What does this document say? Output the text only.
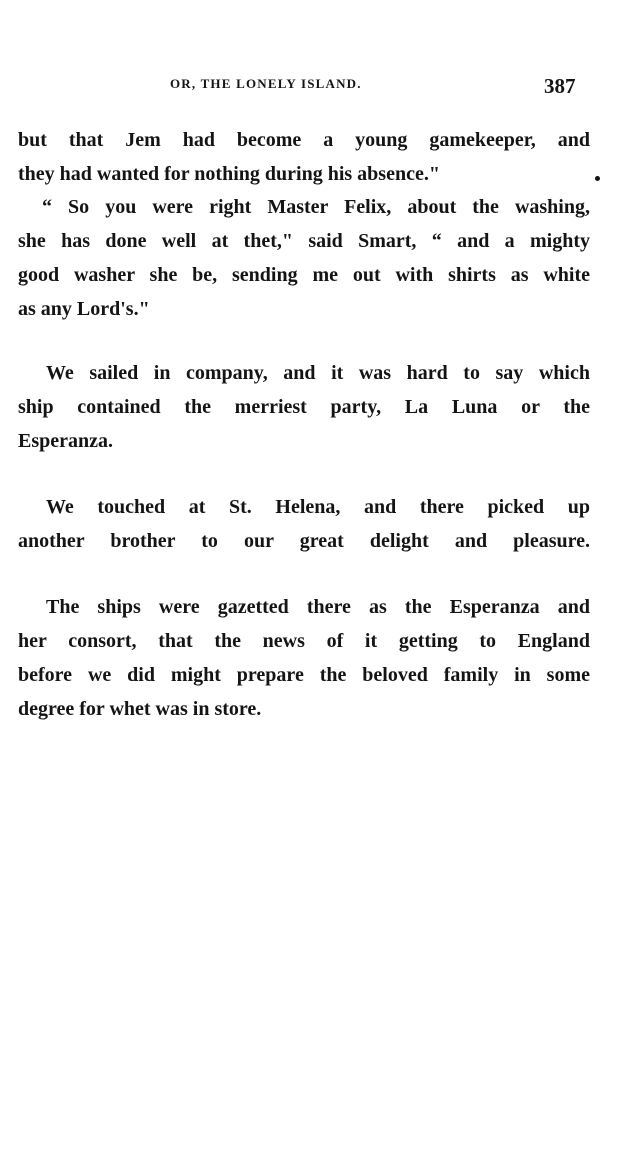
OR, THE LONELY ISLAND.	387
but that Jem had become a young gamekeeper, and
they had wanted for nothing during his absence."
“ So you were right Master Felix, about the washing,
she has done well at thet," said Smart, “ and a mighty
good washer she be, sending me out with shirts as white
as any Lord's."
We sailed in company, and it was hard to say which
ship contained the merriest party, La Luna or the
Esperanza.
We touched at St. Helena, and there picked up
another brother to our great delight and pleasure.
The ships were gazetted there as the Esperanza and
her consort, that the news of it getting to England
before we did might prepare the beloved family in some
degree for whet was in store.
